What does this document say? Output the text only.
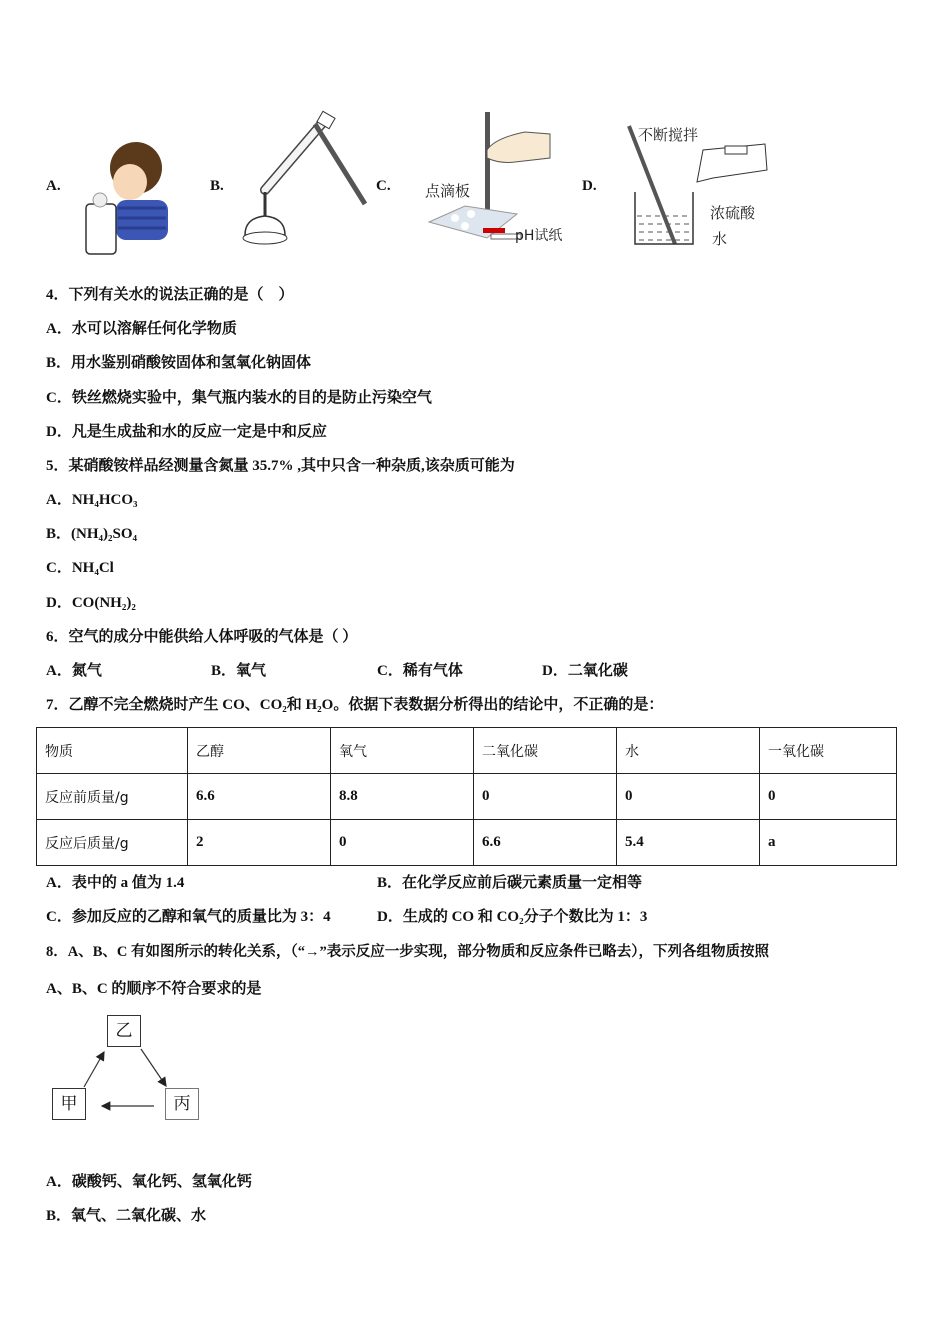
A.	B.	C. 点滴板
pH试纸
D.
不断搅拌
浓硫酸
水
4．下列有关水的说法正确的是（　）
A．水可以溶解任何化学物质
B．用水鉴别硝酸铵固体和氢氧化钠固体
C．铁丝燃烧实验中，集气瓶内装水的目的是防止污染空气
D．凡是生成盐和水的反应一定是中和反应
5．某硝酸铵样品经测量含氮量 35.7% ,其中只含一种杂质,该杂质可能为
A．NH₄HCO₃
B．(NH₄)₂SO₄
C．NH₄Cl
D．CO(NH₂)₂
6．空气的成分中能供给人体呼吸的气体是（ ）
A．氮气	B．氧气	C．稀有气体	D．二氧化碳
7．乙醇不完全燃烧时产生 CO、CO₂和 H₂O。依据下表数据分析得出的结论中，不正确的是：
物质	乙醇	氧气	二氧化碳	水	一氧化碳
反应前质量/g	6.6	8.8	0	0	0
反应后质量/g	2	0	6.6	5.4	a
A．表中的 a 值为 1.4	B．在化学反应前后碳元素质量一定相等
C．参加反应的乙醇和氧气的质量比为 3：4	D．生成的 CO 和 CO₂分子个数比为 1：3
8．A、B、C 有如图所示的转化关系，（“→”表示反应一步实现，部分物质和反应条件已略去），下列各组物质按照
A、B、C 的顺序不符合要求的是
乙
甲	丙
A．碳酸钙、氧化钙、氢氧化钙
B．氧气、二氧化碳、水
